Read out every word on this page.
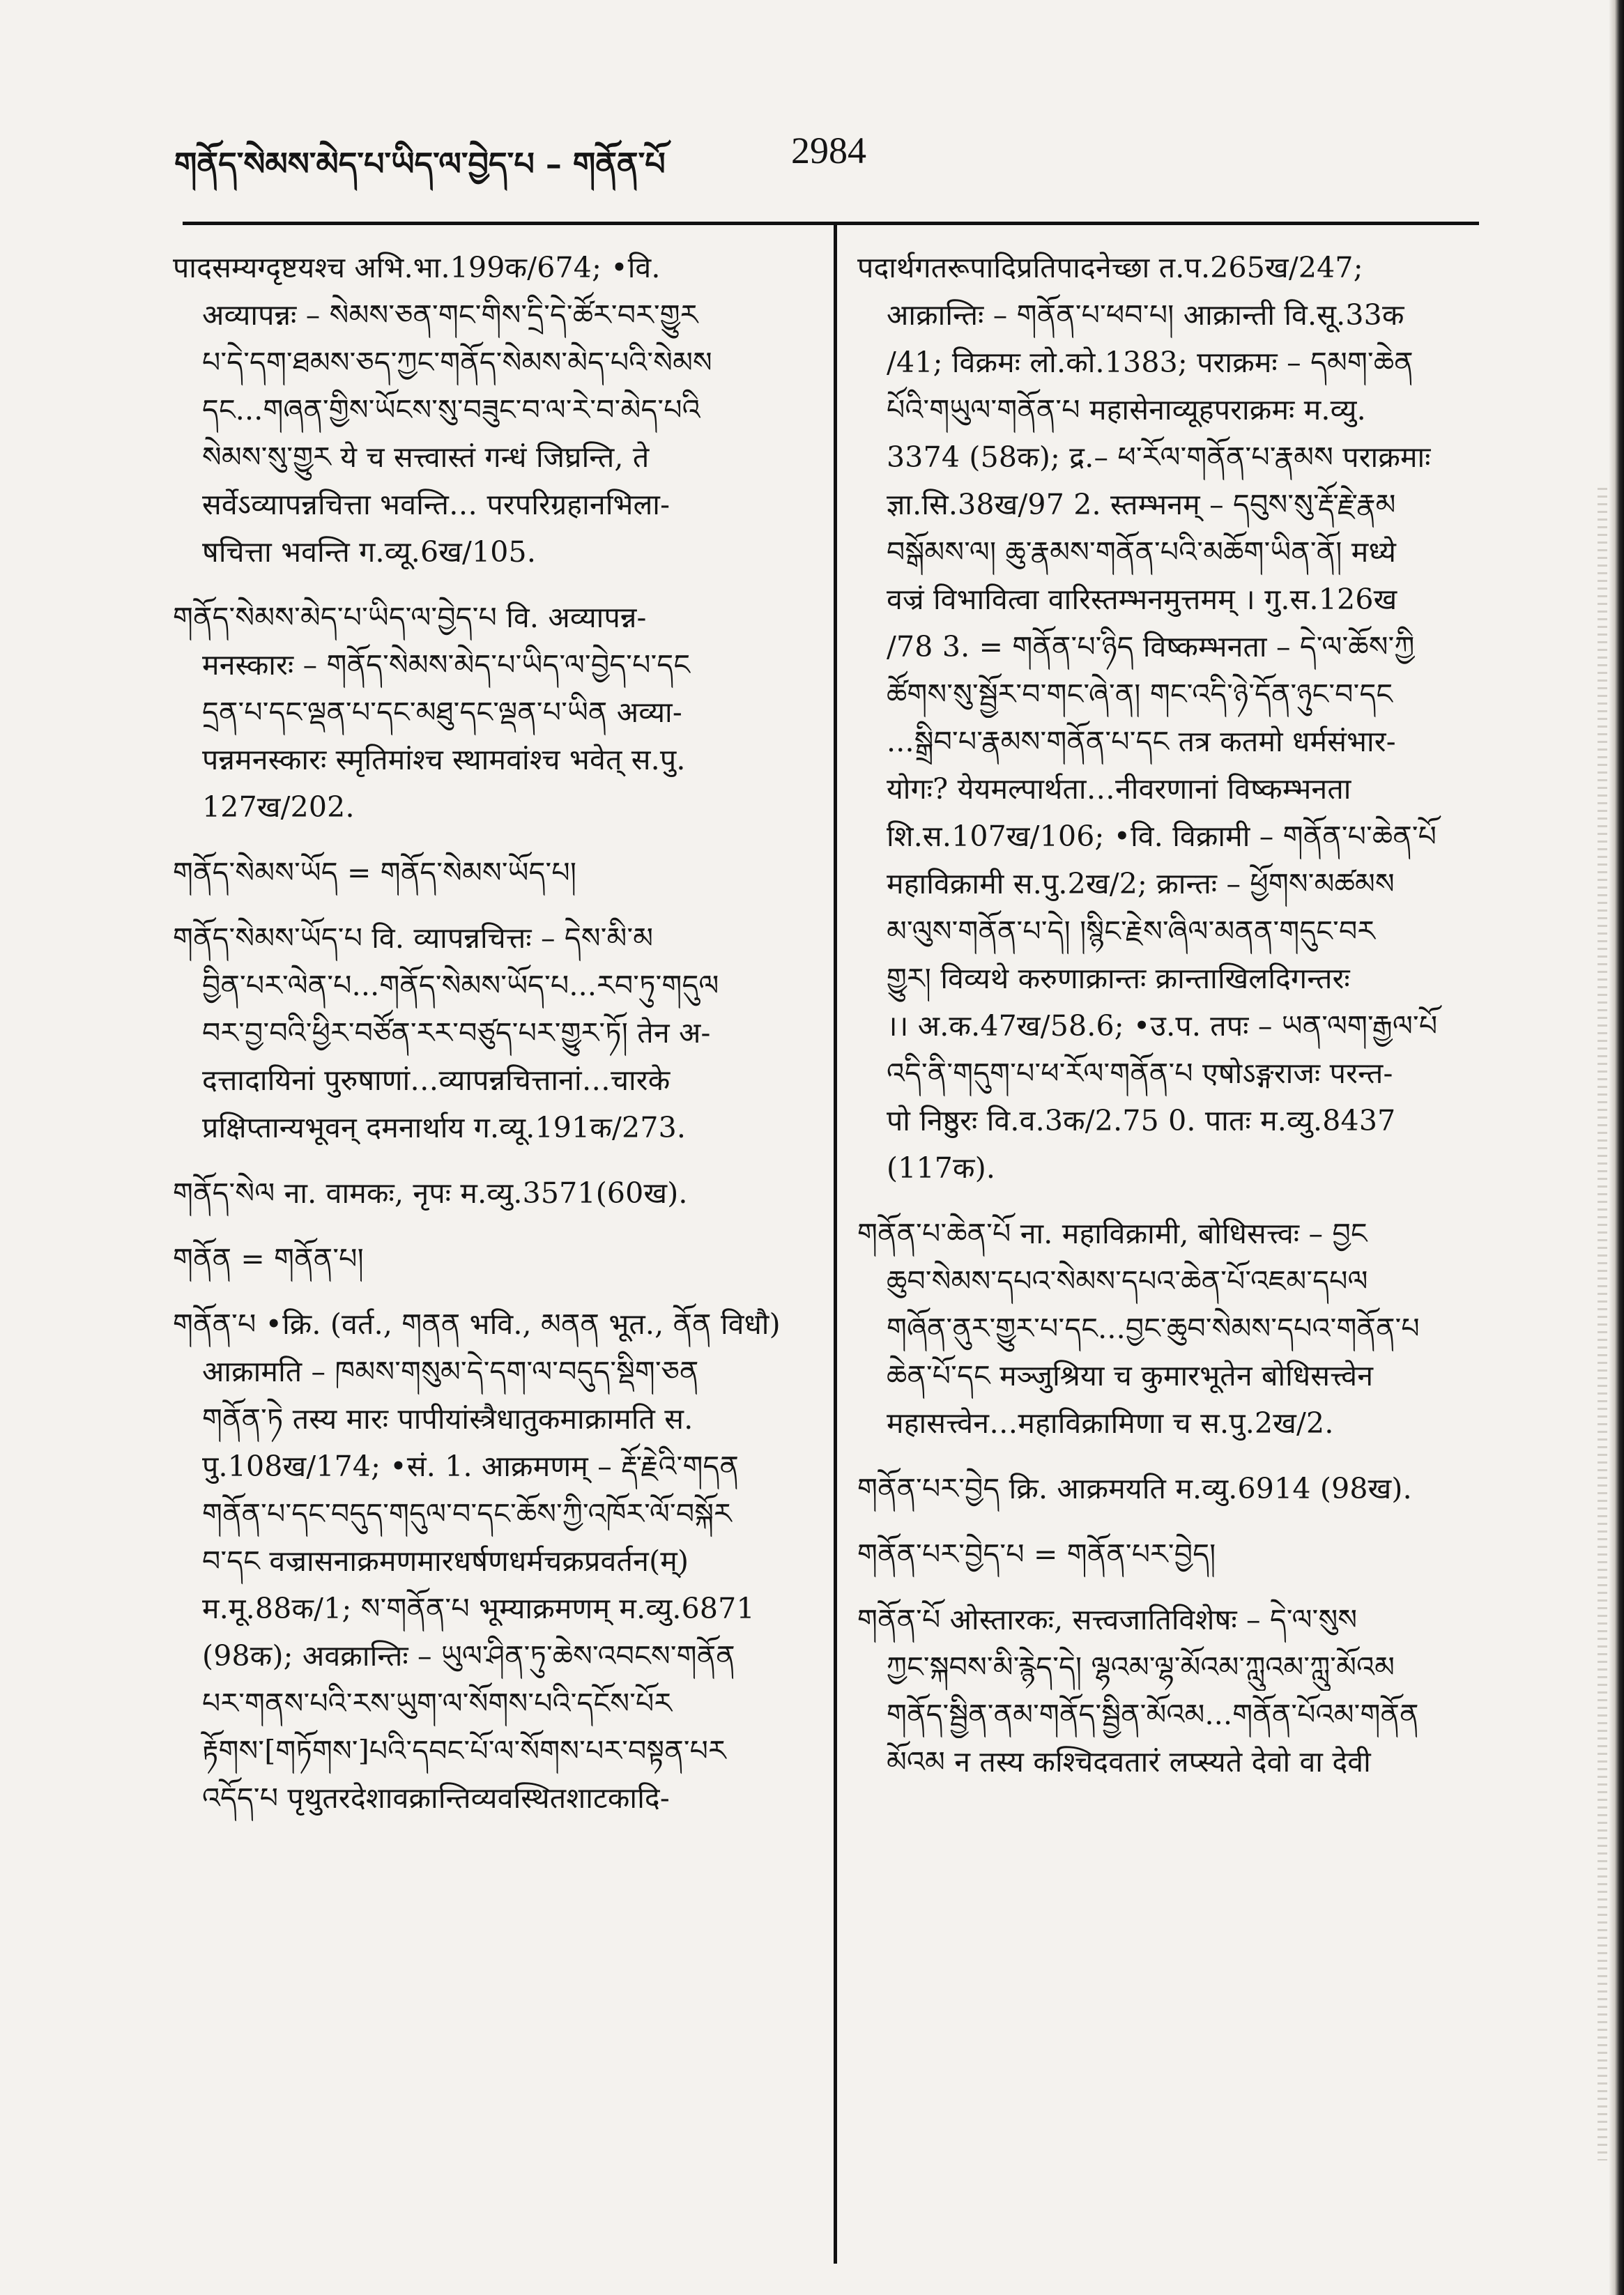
གནོད་སེམས་མེད་པ་ཡིད་ལ་བྱེད་པ – གནོན་པོ	2984
पादसम्यग्दृष्टयश्च अभि.भा.199क/674; •वि.
अव्यापन्नः – སེམས་ཅན་གང་གིས་དྲི་དེ་ཚོར་བར་གྱུར
པ་དེ་དག་ཐམས་ཅད་ཀྱང་གནོད་སེམས་མེད་པའི་སེམས
དང...གཞན་གྱིས་ཡོངས་སུ་བཟུང་བ་ལ་རེ་བ་མེད་པའི
སེམས་སུ་གྱུར ये च सत्त्वास्तं गन्धं जिघ्रन्ति, ते
सर्वेऽव्यापन्नचित्ता भवन्ति… परपरिग्रहानभिला-
षचित्ता भवन्ति ग.व्यू.6ख/105.
གནོད་སེམས་མེད་པ་ཡིད་ལ་བྱེད་པ वि. अव्यापन्न-
मनस्कारः – གནོད་སེམས་མེད་པ་ཡིད་ལ་བྱེད་པ་དང
དྲན་པ་དང་ལྡན་པ་དང་མཐུ་དང་ལྡན་པ་ཡིན अव्या-
पन्नमनस्कारः स्मृतिमांश्च स्थामवांश्च भवेत् स.पु.
127ख/202.
གནོད་སེམས་ཡོད = གནོད་སེམས་ཡོད་པ།
གནོད་སེམས་ཡོད་པ वि. व्यापन्नचित्तः – དེས་མི་མ
བྱིན་པར་ལེན་པ...གནོད་སེམས་ཡོད་པ...རབ་ཏུ་གདུལ
བར་བྱ་བའི་ཕྱིར་བཙོན་རར་བཙུད་པར་གྱུར་ཏོ། तेन अ-
दत्तादायिनां पुरुषाणां…व्यापन्नचित्तानां…चारके
प्रक्षिप्तान्यभूवन् दमनार्थाय ग.व्यू.191क/273.
གནོད་སེལ ना. वामकः, नृपः म.व्यु.3571(60ख).
གནོན = གནོན་པ།
གནོན་པ •क्रि. (वर्त., གནན भवि., མནན भूत., ནོན विधौ)
आक्रामति – ཁམས་གསུམ་དེ་དག་ལ་བདུད་སྡིག་ཅན
གནོན་ཏེ तस्य मारः पापीयांस्त्रैधातुकमाक्रामति स.
पु.108ख/174; •सं. 1. आक्रमणम् – རྡོ་རྗེའི་གདན
གནོན་པ་དང་བདུད་གདུལ་བ་དང་ཆོས་ཀྱི་འཁོར་ལོ་བསྐོར
བ་དང वज्रासनाक्रमणमारधर्षणधर्मचक्रप्रवर्तन(म्)
म.मू.88क/1; ས་གནོན་པ भूम्याक्रमणम् म.व्यु.6871
(98क); अवक्रान्तिः – ཡུལ་ཤིན་ཏུ་ཆེས་འབངས་གནོན
པར་གནས་པའི་རས་ཡུག་ལ་སོགས་པའི་དངོས་པོར
རྟོགས་[གཏོགས་]པའི་དབང་པོ་ལ་སོགས་པར་བསྟན་པར
འདོད་པ पृथुतरदेशावक्रान्तिव्यवस्थितशाटकादि-
पदार्थगतरूपादिप्रतिपादनेच्छा त.प.265ख/247;
आक्रान्तिः – གནོན་པ་ཕབ་པ། आक्रान्ती वि.सू.33क
/41; विक्रमः लो.को.1383; पराक्रमः – དམག་ཆེན
པོའི་གཡུལ་གནོན་པ महासेनाव्यूहपराक्रमः म.व्यु.
3374 (58क); द्र.– ཕ་རོལ་གནོན་པ་རྣམས पराक्रमाः
ज्ञा.सि.38ख/97 2. स्तम्भनम् – དབུས་སུ་རྡོ་རྗེ་རྣམ
བསྒོམས་ལ། ཆུ་རྣམས་གནོན་པའི་མཆོག་ཡིན་ནོ། मध्ये
वज्रं विभावित्वा वारिस्तम्भनमुत्तमम् । गु.स.126ख
/78 3. = གནོན་པ་ཉིད विष्कम्भनता – དེ་ལ་ཆོས་ཀྱི
ཚོགས་སུ་སྦྱོར་བ་གང་ཞེ་ན། གང་འདི་ཉེ་དོན་ཉུང་བ་དང
...སྒྲིབ་པ་རྣམས་གནོན་པ་དང तत्र कतमो धर्मसंभार-
योगः? येयमल्पार्थता…नीवरणानां विष्कम्भनता
शि.स.107ख/106; •वि. विक्रामी – གནོན་པ་ཆེན་པོ
महाविक्रामी स.पु.2ख/2; क्रान्तः – ཕྱོགས་མཚམས
མ་ལུས་གནོན་པ་དེ། །སྙིང་རྗེས་ཞིལ་མནན་གདུང་བར
གྱུར། विव्यथे करुणाक्रान्तः क्रान्ताखिलदिगन्तरः
।। अ.क.47ख/58.6; •उ.प. तपः – ཡན་ལག་རྒྱལ་པོ
འདི་ནི་གདུག་པ་ཕ་རོལ་གནོན་པ एषोऽङ्गराजः परन्त-
पो निष्ठुरः वि.व.3क/2.75 0. पातः म.व्यु.8437
(117क).
གནོན་པ་ཆེན་པོ ना. महाविक्रामी, बोधिसत्त्वः – བྱང
ཆུབ་སེམས་དཔའ་སེམས་དཔའ་ཆེན་པོ་འཇམ་དཔལ
གཞོན་ནུར་གྱུར་པ་དང...བྱང་ཆུབ་སེམས་དཔའ་གནོན་པ
ཆེན་པོ་དང मञ्जुश्रिया च कुमारभूतेन बोधिसत्त्वेन
महासत्त्वेन…महाविक्रामिणा च स.पु.2ख/2.
གནོན་པར་བྱེད क्रि. आक्रमयति म.व्यु.6914 (98ख).
གནོན་པར་བྱེད་པ = གནོན་པར་བྱེད།
གནོན་པོ ओस्तारकः, सत्त्वजातिविशेषः – དེ་ལ་སུས
ཀྱང་སྐབས་མི་རྙེད་དེ། ལྷའམ་ལྷ་མོའམ་ཀླུའམ་ཀླུ་མོའམ
གནོད་སྦྱིན་ནམ་གནོད་སྦྱིན་མོའམ...གནོན་པོའམ་གནོན
མོའམ न तस्य कश्चिदवतारं लप्स्यते देवो वा देवी
